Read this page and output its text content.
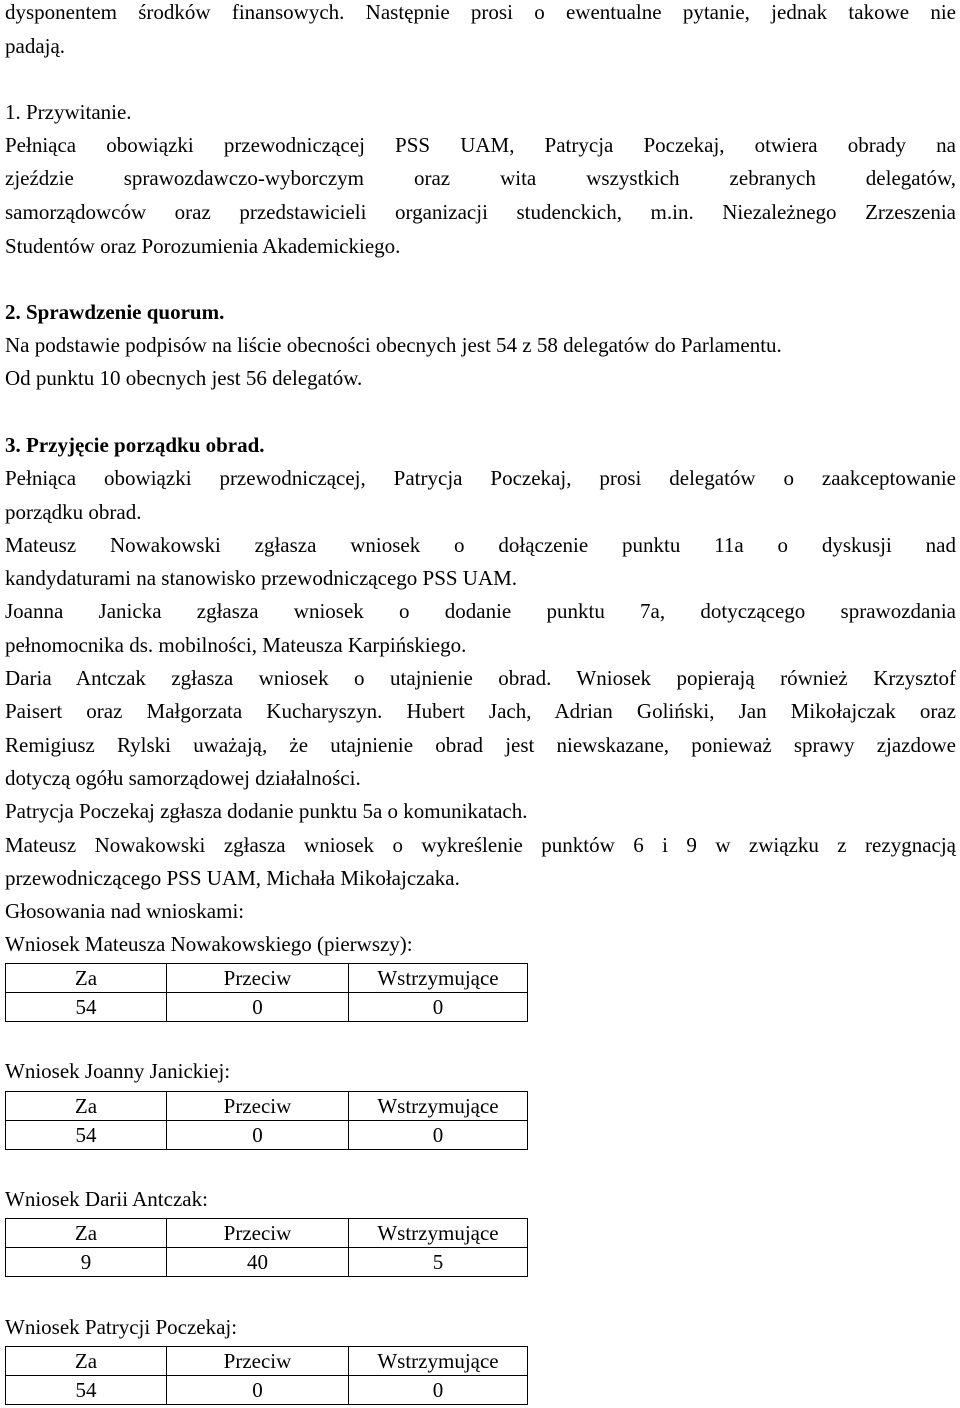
dysponentem środków finansowych. Następnie prosi o ewentualne pytanie, jednak takowe nie
padają.
1. Przywitanie.
Pełniąca obowiązki przewodniczącej PSS UAM, Patrycja Poczekaj, otwiera obrady na
zjeździe sprawozdawczo-wyborczym oraz wita wszystkich zebranych delegatów,
samorządowców oraz przedstawicieli organizacji studenckich, m.in. Niezależnego Zrzeszenia
Studentów oraz Porozumienia Akademickiego.
2. Sprawdzenie quorum.
Na podstawie podpisów na liście obecności obecnych jest 54 z 58 delegatów do Parlamentu.
Od punktu 10 obecnych jest 56 delegatów.
3. Przyjęcie porządku obrad.
Pełniąca obowiązki przewodniczącej, Patrycja Poczekaj, prosi delegatów o zaakceptowanie
porządku obrad.
Mateusz Nowakowski zgłasza wniosek o dołączenie punktu 11a o dyskusji nad
kandydaturami na stanowisko przewodniczącego PSS UAM.
Joanna Janicka zgłasza wniosek o dodanie punktu 7a, dotyczącego sprawozdania
pełnomocnika ds. mobilności, Mateusza Karpińskiego.
Daria Antczak zgłasza wniosek o utajnienie obrad. Wniosek popierają również Krzysztof
Paisert oraz Małgorzata Kucharyszyn. Hubert Jach, Adrian Goliński, Jan Mikołajczak oraz
Remigiusz Rylski uważają, że utajnienie obrad jest niewskazane, ponieważ sprawy zjazdowe
dotyczą ogółu samorządowej działalności.
Patrycja Poczekaj zgłasza dodanie punktu 5a o komunikatach.
Mateusz Nowakowski zgłasza wniosek o wykreślenie punktów 6 i 9 w związku z rezygnacją
przewodniczącego PSS UAM, Michała Mikołajczaka.
Głosowania nad wnioskami:
Wniosek Mateusza Nowakowskiego (pierwszy):
Za	Przeciw	Wstrzymujące
54	0	0
Wniosek Joanny Janickiej:
Za	Przeciw	Wstrzymujące
54	0	0
Wniosek Darii Antczak:
Za	Przeciw	Wstrzymujące
9	40	5
Wniosek Patrycji Poczekaj:
Za	Przeciw	Wstrzymujące
54	0	0
